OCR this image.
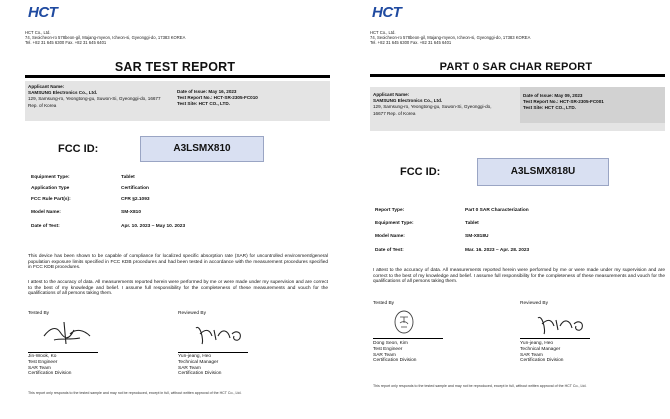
HCT
HCT Co., Ltd.
74, Seoicheon-ro 578beon-gil, Majang-myeon, Icheon-si, Gyeonggi-do, 17383 KOREA
Tel. +82 31 645 6300 Fax. +82 31 645 6401
SAR TEST REPORT
Applicant Name:
SAMSUNG Electronics Co., Ltd.
129, Samsung-ro, Yeongtong-gu, Suwon-Si, Gyeonggi-do, 16677
Rep. of Korea
Date of Issue: May 16, 2023
Test Report No.: HCT-SR-2305-FC010
Test Site: HCT CO., LTD.
FCC ID:	A3LSMX810
Equipment Type:	Tablet
Application Type	Certification
FCC Rule Part(s):	CFR §2.1093
Model Name:	SM-X810
Date of Test:	Apr. 10. 2023 ~ May 10. 2023
This device has been shown to be capable of compliance for localized specific absorption rate (SAR) for uncontrolled environment/general population exposure limits specified in FCC KDB procedures and had been tested in accordance with the measurement procedures specified in FCC KDB procedures.
I attest to the accuracy of data. All measurements reported herein were performed by me or were made under my supervision and are correct to the best of my knowledge and belief. I assume full responsibility for the completeness of these measurements and vouch for the qualifications of all persons taking them.
Tested By	Reviewed By
Jin-Wook, Ko
Test Engineer
SAR Team
Certification Division
Yun-jeang, Heo
Technical Manager
SAR Team
Certification Division
This report only responds to the tested sample and may not be reproduced, except in full, without written approval of the HCT Co., Ltd.
HCT
HCT Co., Ltd.
74, Seoicheon-ro 578beon-gil, Majang-myeon, Icheon-si, Gyeonggi-do, 17383 KOREA
Tel. +82 31 645 6300 Fax. +82 31 645 6401
PART 0 SAR CHAR REPORT
Applicant Name:
SAMSUNG Electronics Co., Ltd.
129, Samsung-ro, Yeongtong-gu, Suwon-Si, Gyeonggi-do,
16677 Rep. of Korea
Date of Issue: May 09, 2023
Test Report No.: HCT-SR-2305-FC001
Test Site: HCT CO., LTD.
FCC ID:	A3LSMX818U
Report Type:	Part 0 SAR Characterization
Equipment Type:	Tablet
Model Name:	SM-X818U
Date of Test:	Mar. 16. 2023 ~ Apr. 28. 2023
I attest to the accuracy of data. All measurements reported herein were performed by me or were made under my supervision and are correct to the best of my knowledge and belief. I assume full responsibility for the completeness of these measurements and vouch for the qualifications of all persons taking them.
Tested By	Reviewed By
Dong Seon, Kim
Test Engineer
SAR Team
Certification Division
Yun-jeang, Heo
Technical Manager
SAR Team
Certification Division
This report only responds to the tested sample and may not be reproduced, except in full, without written approval of the HCT Co., Ltd.
